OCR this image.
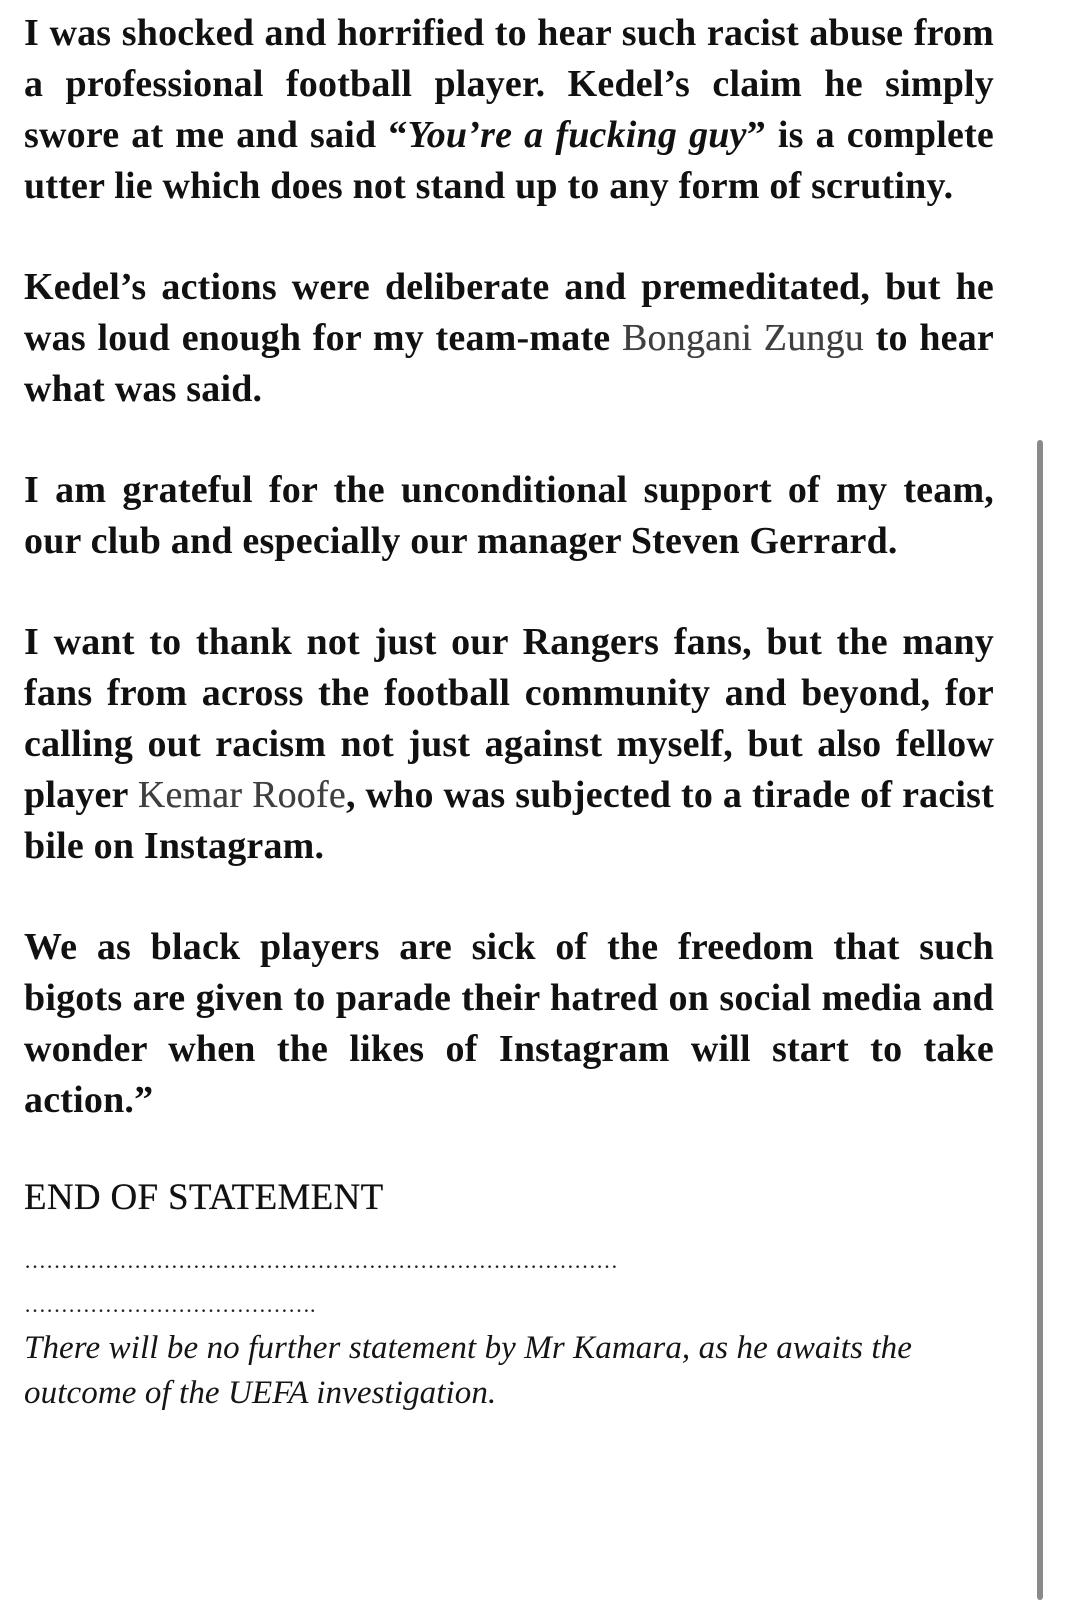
I was shocked and horrified to hear such racist abuse from a professional football player. Kedel’s claim he simply swore at me and said “You’re a fucking guy” is a complete utter lie which does not stand up to any form of scrutiny.

Kedel’s actions were deliberate and premeditated, but he was loud enough for my team-mate Bongani Zungu to hear what was said.

I am grateful for the unconditional support of my team, our club and especially our manager Steven Gerrard.

I want to thank not just our Rangers fans, but the many fans from across the football community and beyond, for calling out racism not just against myself, but also fellow player Kemar Roofe, who was subjected to a tirade of racist bile on Instagram.

We as black players are sick of the freedom that such bigots are given to parade their hatred on social media and wonder when the likes of Instagram will start to take action.”

END OF STATEMENT

………………………………………………………………………

………………………………….

There will be no further statement by Mr Kamara, as he awaits the outcome of the UEFA investigation.
